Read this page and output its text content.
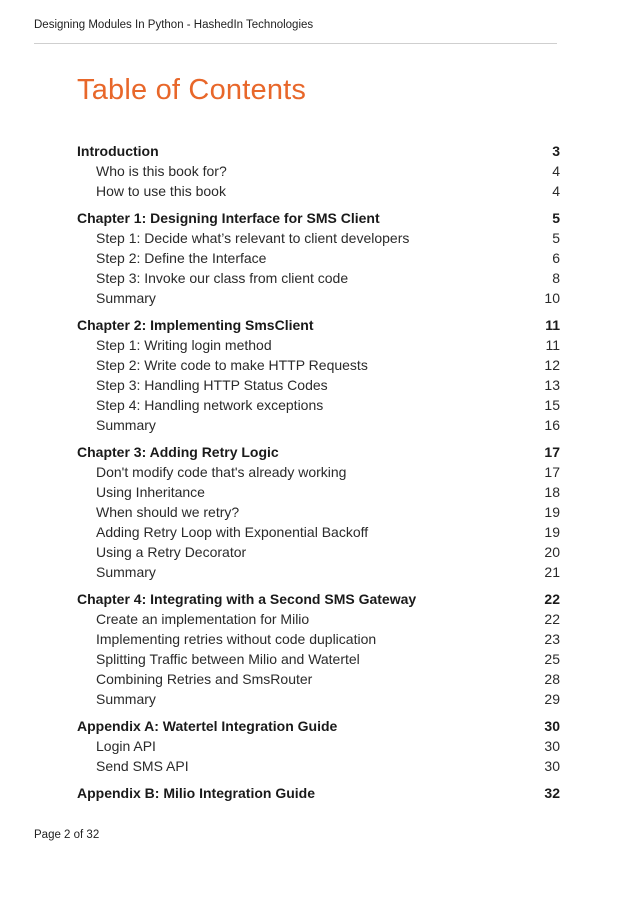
Designing Modules In Python - HashedIn Technologies
Table of Contents
Introduction	3
Who is this book for?	4
How to use this book	4
Chapter 1: Designing Interface for SMS Client	5
Step 1: Decide what’s relevant to client developers	5
Step 2: Define the Interface	6
Step 3: Invoke our class from client code	8
Summary	10
Chapter 2: Implementing SmsClient	11
Step 1: Writing login method	11
Step 2: Write code to make HTTP Requests	12
Step 3: Handling HTTP Status Codes	13
Step 4: Handling network exceptions	15
Summary	16
Chapter 3: Adding Retry Logic	17
Don't modify code that's already working	17
Using Inheritance	18
When should we retry?	19
Adding Retry Loop with Exponential Backoff	19
Using a Retry Decorator	20
Summary	21
Chapter 4: Integrating with a Second SMS Gateway	22
Create an implementation for Milio	22
Implementing retries without code duplication	23
Splitting Traffic between Milio and Watertel	25
Combining Retries and SmsRouter	28
Summary	29
Appendix A: Watertel Integration Guide	30
Login API	30
Send SMS API	30
Appendix B: Milio Integration Guide	32
Page 2 of 32
